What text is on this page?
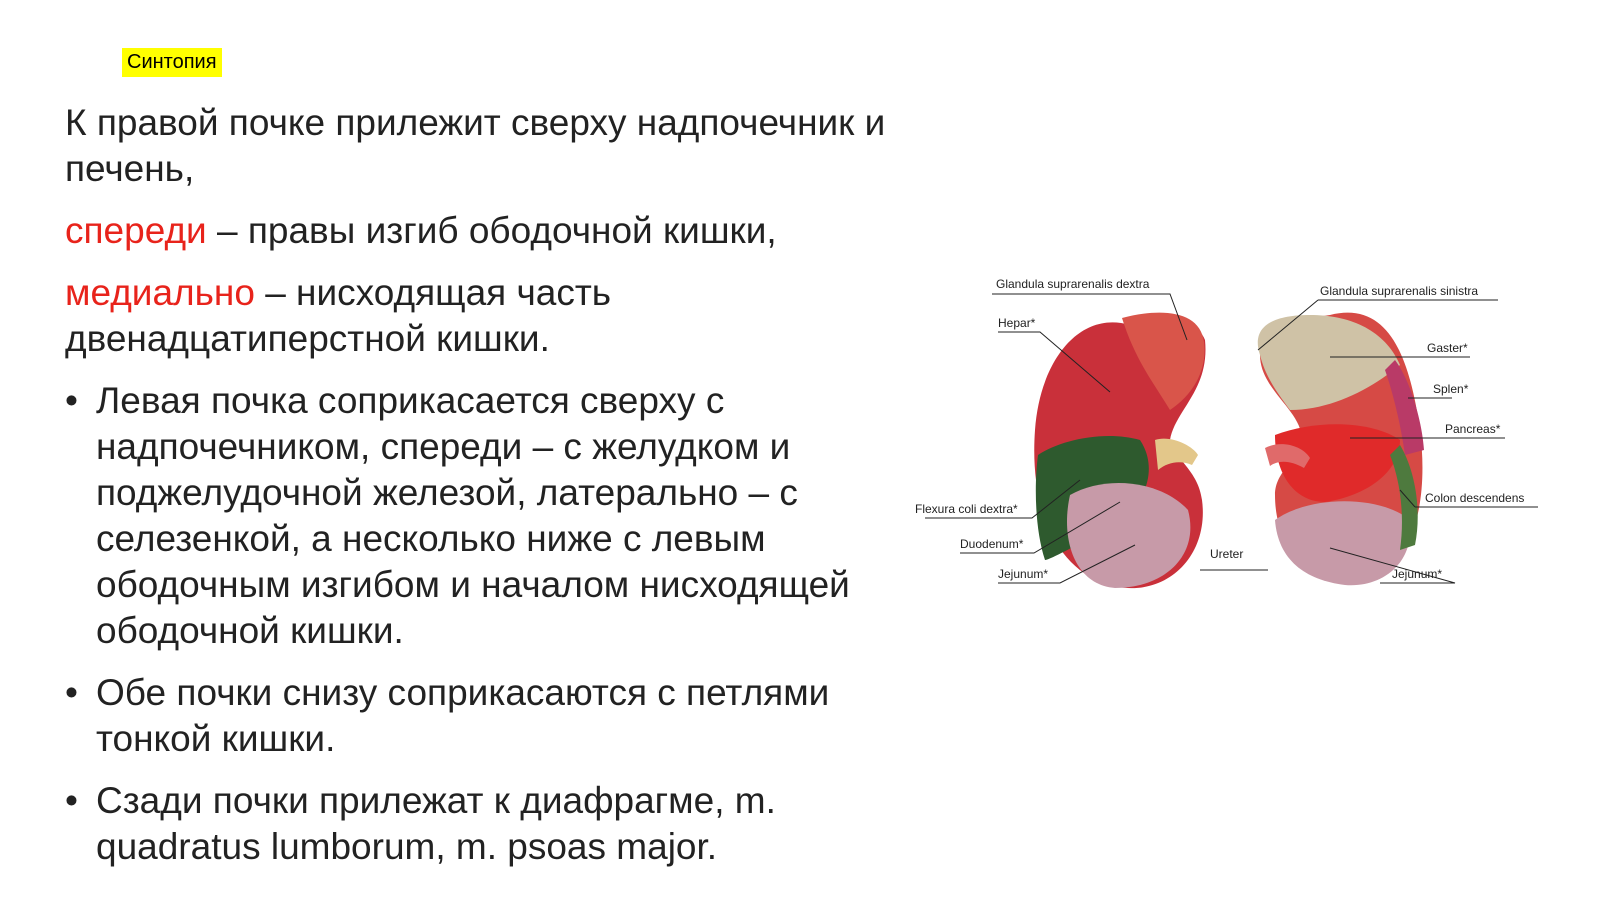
Синтопия

К правой почке прилежит сверху надпочечник и печень,

спереди – правы изгиб ободочной кишки,

медиально – нисходящая часть двенадцатиперстной кишки.

• Левая почка соприкасается сверху с надпочечником, спереди – с желудком и поджелудочной железой, латерально – с селезенкой, а несколько ниже с левым ободочным изгибом и началом нисходящей ободочной кишки.
• Обе почки снизу соприкасаются с петлями тонкой кишки.
• Сзади почки прилежат к диафрагме, m. quadratus lumborum, m. psoas major.
Glandula suprarenalis dextra	Glandula suprarenalis sinistra
Hepar*
Gaster*
Splen*
Pancreas*
Colon descendens
Flexura coli dextra*
Duodenum*
Ureter
Jejunum*	Jejunum*
